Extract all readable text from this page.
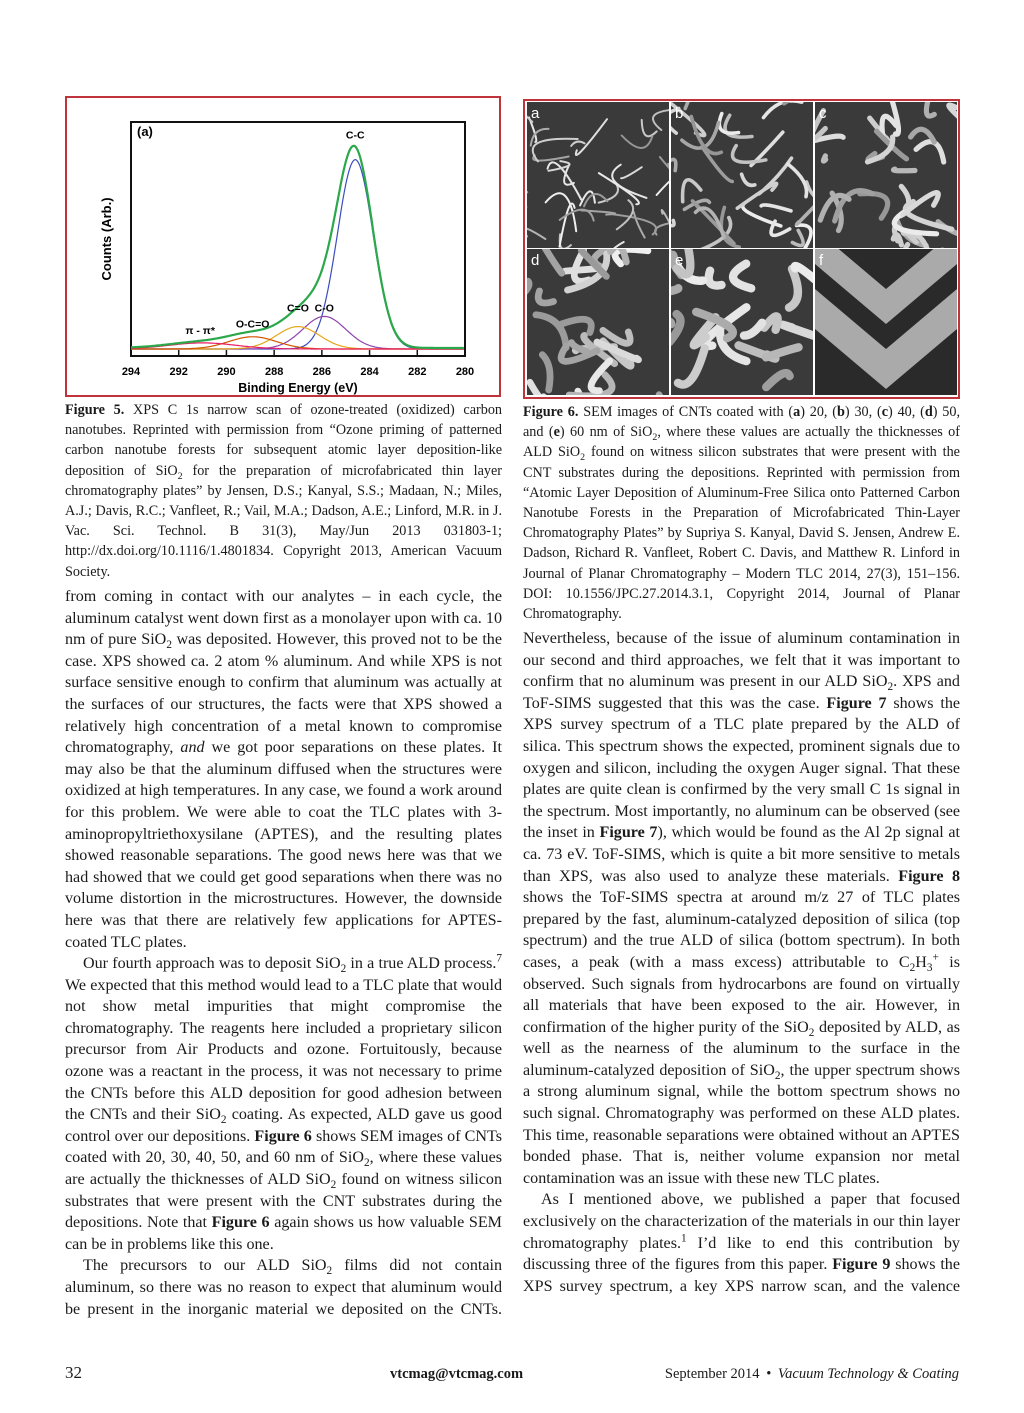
294	292	290	288	286	284	282	280
Binding Energy (eV)
Counts (Arb.)
(a)	C-C
C=O C-O
O-C=O
π - π*
a	b	c
d	e	f
Figure 5. XPS C 1s narrow scan of ozone-treated (oxidized) carbon nanotubes. Reprinted with permission from “Ozone priming of patterned carbon nanotube forests for subsequent atomic layer deposition-like deposition of SiO$_2$ for the preparation of microfabricated thin layer chromatography plates” by Jensen, D.S.; Kanyal, S.S.; Madaan, N.; Miles, A.J.; Davis, R.C.; Vanfleet, R.; Vail, M.A.; Dadson, A.E.; Linford, M.R. in J. Vac. Sci. Technol. B 31(3), May/Jun 2013 031803-1; http://dx.doi.org/10.1116/1.4801834. Copyright 2013, American Vacuum Society.
Figure 6. SEM images of CNTs coated with (a) 20, (b) 30, (c) 40, (d) 50, and (e) 60 nm of SiO$_2$, where these values are actually the thicknesses of ALD SiO$_2$ found on witness silicon substrates that were present with the CNT substrates during the depositions. Reprinted with permission from “Atomic Layer Deposition of Aluminum-Free Silica onto Patterned Carbon Nanotube Forests in the Preparation of Microfabricated Thin-Layer Chromatography Plates” by Supriya S. Kanyal, David S. Jensen, Andrew E. Dadson, Richard R. Vanfleet, Robert C. Davis, and Matthew R. Linford in Journal of Planar Chromatography – Modern TLC 2014, 27(3), 151–156. DOI: 10.1556/JPC.27.2014.3.1, Copyright 2014, Journal of Planar Chromatography.

from coming in contact with our analytes – in each cycle, the aluminum catalyst went down first as a monolayer upon with ca. 10 nm of pure SiO$_2$ was deposited. However, this proved not to be the case. XPS showed ca. 2 atom % aluminum. And while XPS is not surface sensitive enough to confirm that aluminum was actually at the surfaces of our structures, the facts were that XPS showed a relatively high concentration of a metal known to compromise chromatography, and we got poor separations on these plates. It may also be that the aluminum diffused when the structures were oxidized at high temperatures. In any case, we found a work around for this problem. We were able to coat the TLC plates with 3-aminopropyltriethoxysilane (APTES), and the resulting plates showed reasonable separations. The good news here was that we had showed that we could get good separations when there was no volume distortion in the microstructures. However, the downside here was that there are relatively few applications for APTES-coated TLC plates.

Our fourth approach was to deposit SiO$_2$ in a true ALD process.$^7$ We expected that this method would lead to a TLC plate that would not show metal impurities that might compromise the chromatography. The reagents here included a proprietary silicon precursor from Air Products and ozone. Fortuitously, because ozone was a reactant in the process, it was not necessary to prime the CNTs before this ALD deposition for good adhesion between the CNTs and their SiO$_2$ coating. As expected, ALD gave us good control over our depositions. Figure 6 shows SEM images of CNTs coated with 20, 30, 40, 50, and 60 nm of SiO$_2$, where these values are actually the thicknesses of ALD SiO$_2$ found on witness silicon substrates that were present with the CNT substrates during the depositions. Note that Figure 6 again shows us how valuable SEM can be in problems like this one.

The precursors to our ALD SiO$_2$ films did not contain aluminum, so there was no reason to expect that aluminum would be present in the inorganic material we deposited on the CNTs.

Nevertheless, because of the issue of aluminum contamination in our second and third approaches, we felt that it was important to confirm that no aluminum was present in our ALD SiO$_2$. XPS and ToF-SIMS suggested that this was the case. Figure 7 shows the XPS survey spectrum of a TLC plate prepared by the ALD of silica. This spectrum shows the expected, prominent signals due to oxygen and silicon, including the oxygen Auger signal. That these plates are quite clean is confirmed by the very small C 1s signal in the spectrum. Most importantly, no aluminum can be observed (see the inset in Figure 7), which would be found as the Al 2p signal at ca. 73 eV. ToF-SIMS, which is quite a bit more sensitive to metals than XPS, was also used to analyze these materials. Figure 8 shows the ToF-SIMS spectra at around m/z 27 of TLC plates prepared by the fast, aluminum-catalyzed deposition of silica (top spectrum) and the true ALD of silica (bottom spectrum). In both cases, a peak (with a mass excess) attributable to $C_2H_3^+$ is observed. Such signals from hydrocarbons are found on virtually all materials that have been exposed to the air. However, in confirmation of the higher purity of the SiO$_2$ deposited by ALD, as well as the nearness of the aluminum to the surface in the aluminum-catalyzed deposition of SiO$_2$, the upper spectrum shows a strong aluminum signal, while the bottom spectrum shows no such signal. Chromatography was performed on these ALD plates. This time, reasonable separations were obtained without an APTES bonded phase. That is, neither volume expansion nor metal contamination was an issue with these new TLC plates.

As I mentioned above, we published a paper that focused exclusively on the characterization of the materials in our thin layer chromatography plates.$^1$ I’d like to end this contribution by discussing three of the figures from this paper. Figure 9 shows the XPS survey spectrum, a key XPS narrow scan, and the valence

32	vtcmag@vtcmag.com	September 2014 • Vacuum Technology & Coating
